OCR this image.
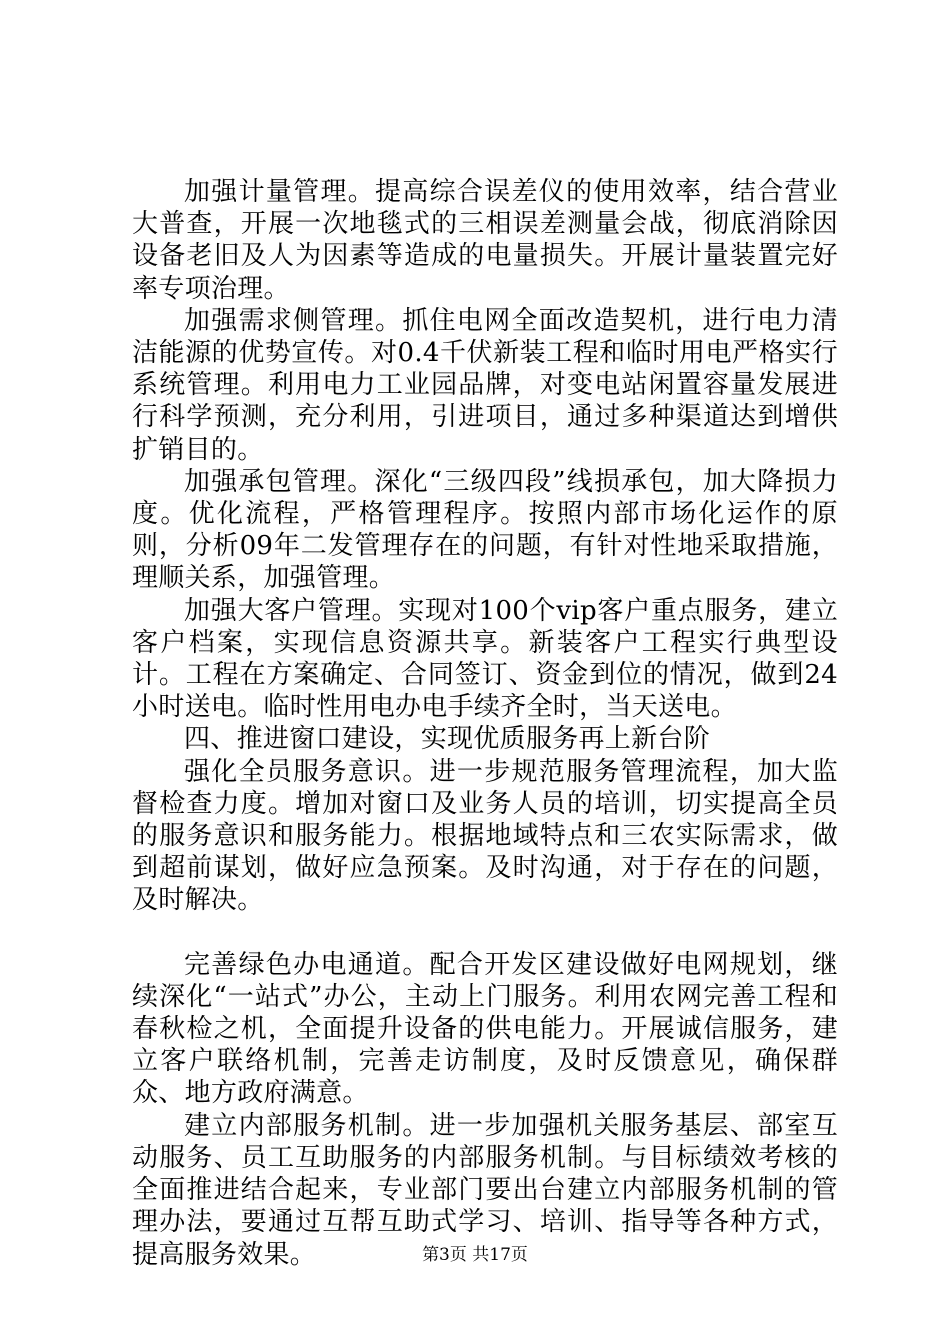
加强计量管理。提高综合误差仪的使用效率，结合营业大普查，开展一次地毯式的三相误差测量会战，彻底消除因设备老旧及人为因素等造成的电量损失。开展计量装置完好率专项治理。

加强需求侧管理。抓住电网全面改造契机，进行电力清洁能源的优势宣传。对0.4千伏新装工程和临时用电严格实行系统管理。利用电力工业园品牌，对变电站闲置容量发展进行科学预测，充分利用，引进项目，通过多种渠道达到增供扩销目的。

加强承包管理。深化“三级四段”线损承包，加大降损力度。优化流程，严格管理程序。按照内部市场化运作的原则，分析09年二发管理存在的问题，有针对性地采取措施，理顺关系，加强管理。

加强大客户管理。实现对100个vip客户重点服务，建立客户档案，实现信息资源共享。新装客户工程实行典型设计。工程在方案确定、合同签订、资金到位的情况，做到24小时送电。临时性用电办电手续齐全时，当天送电。

四、推进窗口建设，实现优质服务再上新台阶

强化全员服务意识。进一步规范服务管理流程，加大监督检查力度。增加对窗口及业务人员的培训，切实提高全员的服务意识和服务能力。根据地域特点和三农实际需求，做到超前谋划，做好应急预案。及时沟通，对于存在的问题，及时解决。

完善绿色办电通道。配合开发区建设做好电网规划，继续深化“一站式”办公，主动上门服务。利用农网完善工程和春秋检之机，全面提升设备的供电能力。开展诚信服务，建立客户联络机制，完善走访制度，及时反馈意见，确保群众、地方政府满意。

建立内部服务机制。进一步加强机关服务基层、部室互动服务、员工互助服务的内部服务机制。与目标绩效考核的全面推进结合起来，专业部门要出台建立内部服务机制的管理办法，要通过互帮互助式学习、培训、指导等各种方式，提高服务效果。	第3页 共17页
